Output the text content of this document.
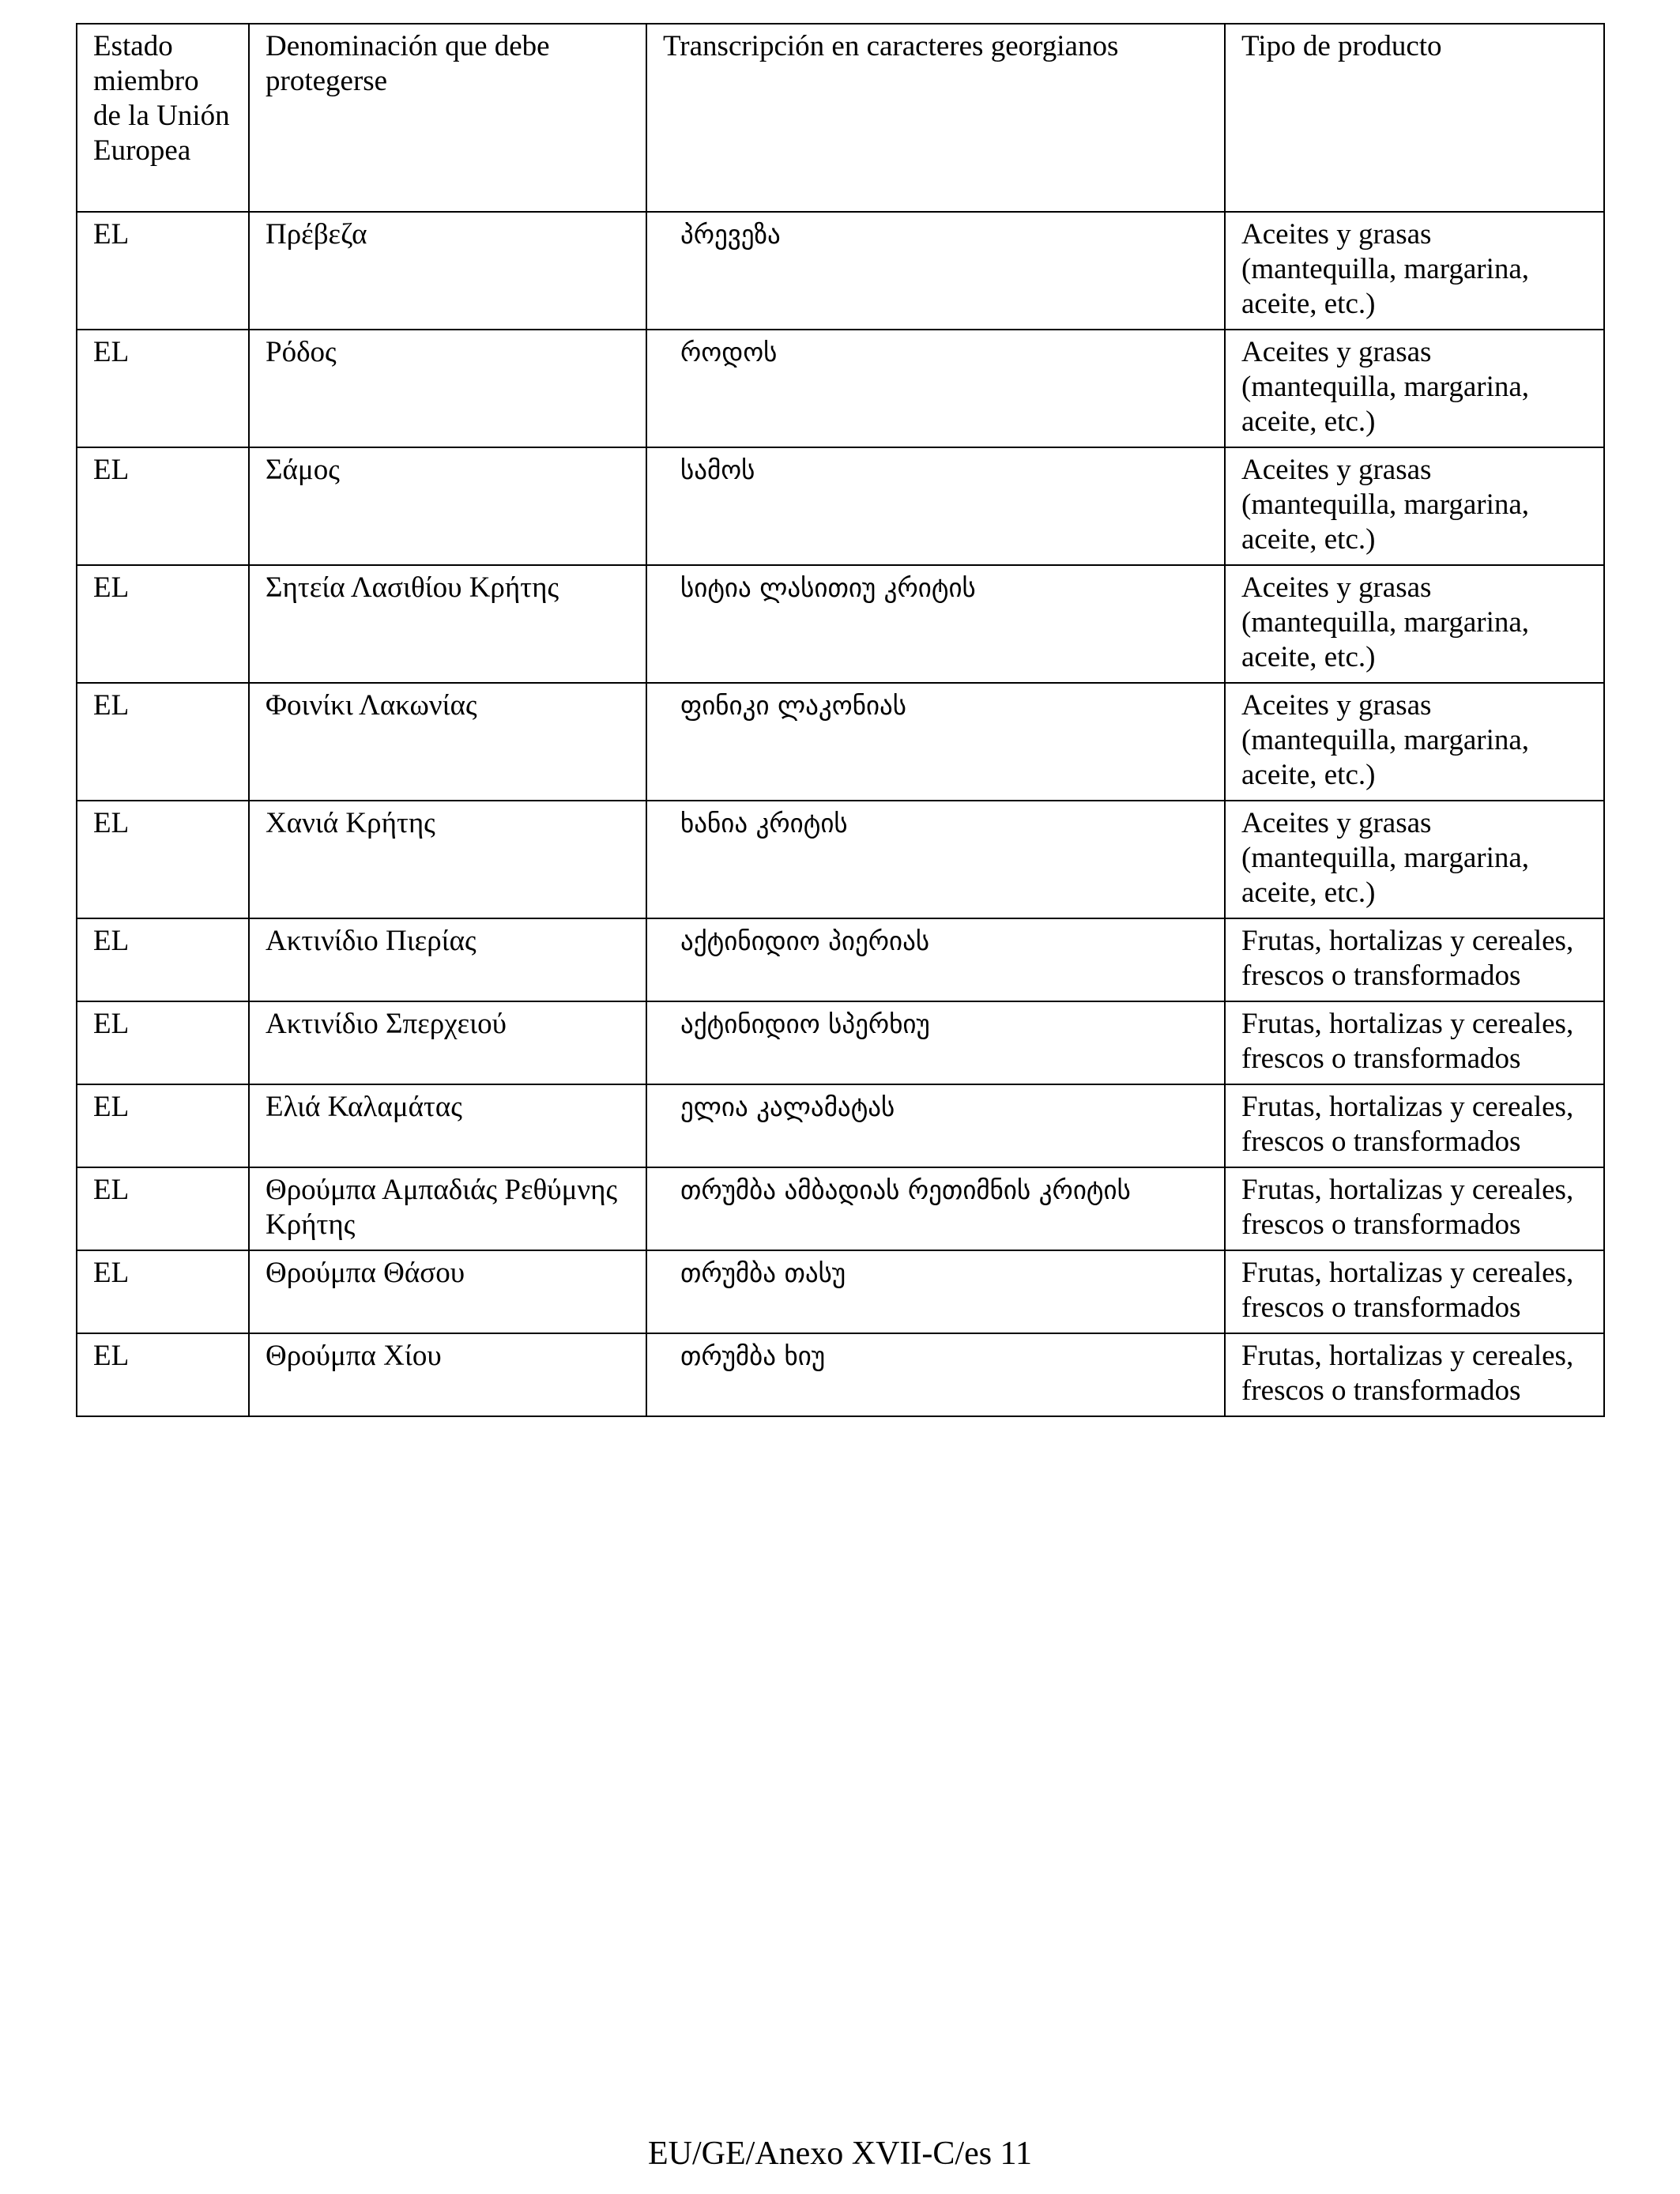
Estado miembro de la Unión Europea	Denominación que debe protegerse	Transcripción en caracteres georgianos	Tipo de producto
EL	Πρέβεζα	პრევეზა	Aceites y grasas (mantequilla, margarina, aceite, etc.)
EL	Ρόδος	როდოს	Aceites y grasas (mantequilla, margarina, aceite, etc.)
EL	Σάμος	სამოს	Aceites y grasas (mantequilla, margarina, aceite, etc.)
EL	Σητεία Λασιθίου Κρήτης	სიტია ლასითიუ კრიტის	Aceites y grasas (mantequilla, margarina, aceite, etc.)
EL	Φοινίκι Λακωνίας	ფინიკი ლაკონიას	Aceites y grasas (mantequilla, margarina, aceite, etc.)
EL	Χανιά Κρήτης	ხანია კრიტის	Aceites y grasas (mantequilla, margarina, aceite, etc.)
EL	Ακτινίδιο Πιερίας	აქტინიდიო პიერიას	Frutas, hortalizas y cereales, frescos o transformados
EL	Ακτινίδιο Σπερχειού	აქტინიდიო სპერხიუ	Frutas, hortalizas y cereales, frescos o transformados
EL	Ελιά Καλαμάτας	ელია კალამატას	Frutas, hortalizas y cereales, frescos o transformados
EL	Θρούμπα Αμπαδιάς Ρεθύμνης Κρήτης	თრუმბა ამბადიას რეთიმნის კრიტის	Frutas, hortalizas y cereales, frescos o transformados
EL	Θρούμπα Θάσου	თრუმბა თასუ	Frutas, hortalizas y cereales, frescos o transformados
EL	Θρούμπα Χίου	თრუმბა ხიუ	Frutas, hortalizas y cereales, frescos o transformados
EU/GE/Anexo XVII-C/es 11
